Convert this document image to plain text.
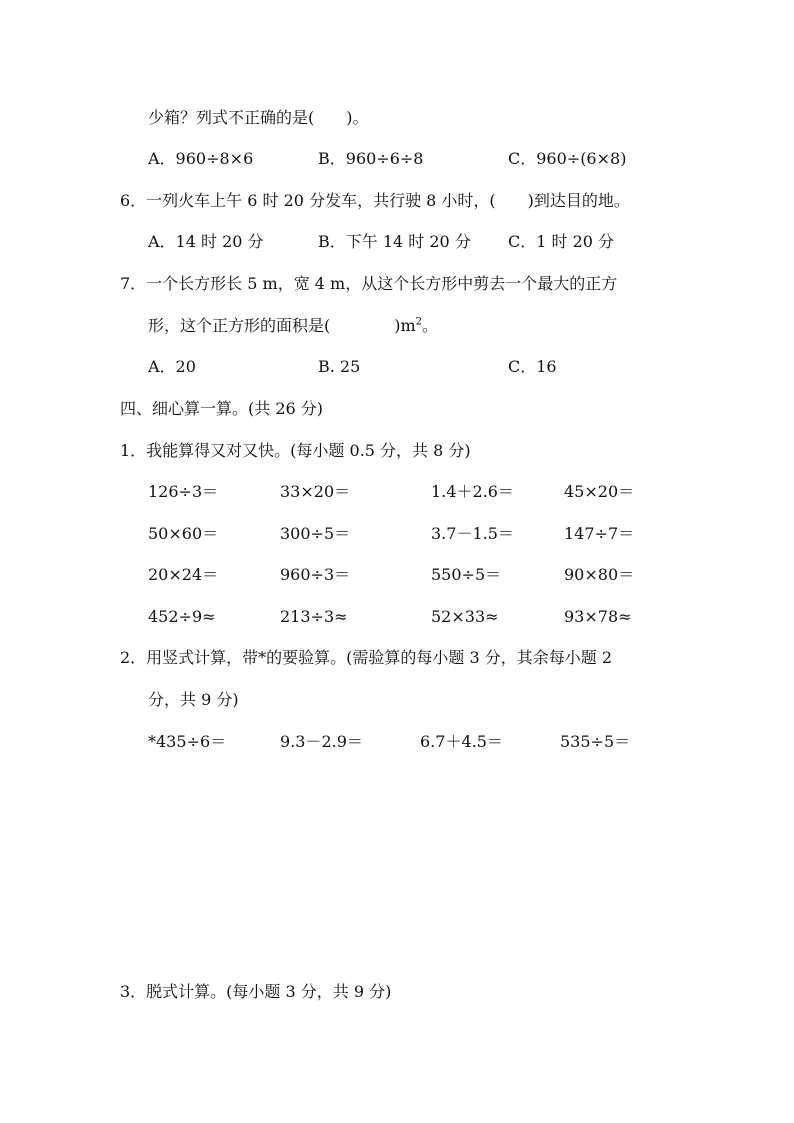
少箱？列式不正确的是(　　)。
A．960÷8×6	B．960÷6÷8	C．960÷(6×8)
6．一列火车上午 6 时 20 分发车，共行驶 8 小时，(　　)到达目的地。
A．14 时 20 分	B．下午 14 时 20 分 C．1 时 20 分
7．一个长方形长 5 m，宽 4 m，从这个长方形中剪去一个最大的正方
形，这个正方形的面积是(　　　　)$m^2$。
A．20	B. 25	C．16
四、细心算一算。(共 26 分)
1．我能算得又对又快。(每小题 0.5 分，共 8 分)
126÷3＝	33×20＝	1.4＋2.6＝	45×20＝
50×60＝	300÷5＝	3.7－1.5＝	147÷7＝
20×24＝	960÷3＝	550÷5＝	90×80＝
452÷9≈	213÷3≈	52×33≈	93×78≈
2．用竖式计算，带*的要验算。(需验算的每小题 3 分，其余每小题 2
分，共 9 分)
*435÷6＝	9.3－2.9＝	6.7＋4.5＝	535÷5＝
3．脱式计算。(每小题 3 分，共 9 分)
